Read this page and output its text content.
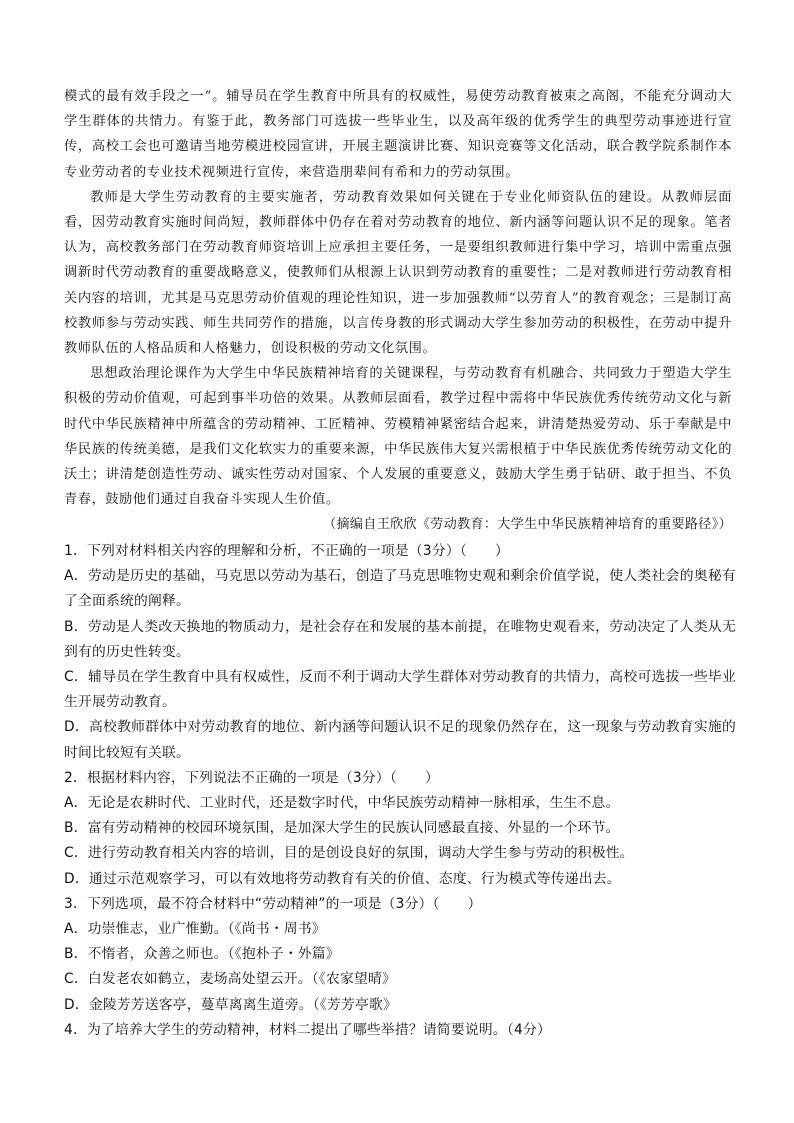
模式的最有效手段之一”。辅导员在学生教育中所具有的权威性，易使劳动教育被束之高阁，不能充分调动大学生群体的共情力。有鉴于此，教务部门可选拔一些毕业生，以及高年级的优秀学生的典型劳动事迹进行宣传，高校工会也可邀请当地劳模进校园宣讲，开展主题演讲比赛、知识竞赛等文化活动，联合教学院系制作本专业劳动者的专业技术视频进行宣传，来营造朋辈间有希和力的劳动氛围。

教师是大学生劳动教育的主要实施者，劳动教育效果如何关键在于专业化师资队伍的建设。从教师层面看，因劳动教育实施时间尚短，教师群体中仍存在着对劳动教育的地位、新内涵等问题认识不足的现象。笔者认为，高校教务部门在劳动教育师资培训上应承担主要任务，一是要组织教师进行集中学习，培训中需重点强调新时代劳动教育的重要战略意义，使教师们从根源上认识到劳动教育的重要性；二是对教师进行劳动教育相关内容的培训，尤其是马克思劳动价值观的理论性知识，进一步加强教师“以劳育人”的教育观念；三是制订高校教师参与劳动实践、师生共同劳作的措施，以言传身教的形式调动大学生参加劳动的积极性，在劳动中提升教师队伍的人格品质和人格魅力，创设积极的劳动文化氛围。

思想政治理论课作为大学生中华民族精神培育的关键课程，与劳动教育有机融合、共同致力于塑造大学生积极的劳动价值观，可起到事半功倍的效果。从教师层面看，教学过程中需将中华民族优秀传统劳动文化与新时代中华民族精神中所蕴含的劳动精神、工匠精神、劳模精神紧密结合起来，讲清楚热爱劳动、乐于奉献是中华民族的传统美德，是我们文化软实力的重要来源，中华民族伟大复兴需根植于中华民族优秀传统劳动文化的沃土；讲清楚创造性劳动、诚实性劳动对国家、个人发展的重要意义，鼓励大学生勇于钻研、敢于担当、不负青春，鼓励他们通过自我奋斗实现人生价值。

（摘编自王欣欣《劳动教育：大学生中华民族精神培育的重要路径》）

1．下列对材料相关内容的理解和分析，不正确的一项是（3分）（　　）
A．劳动是历史的基础，马克思以劳动为基石，创造了马克思唯物史观和剩余价值学说，使人类社会的奥秘有了全面系统的阐释。
B．劳动是人类改天换地的物质动力，是社会存在和发展的基本前提，在唯物史观看来，劳动决定了人类从无到有的历史性转变。
C．辅导员在学生教育中具有权威性，反而不利于调动大学生群体对劳动教育的共情力，高校可选拔一些毕业生开展劳动教育。
D．高校教师群体中对劳动教育的地位、新内涵等问题认识不足的现象仍然存在，这一现象与劳动教育实施的时间比较短有关联。
2．根据材料内容，下列说法不正确的一项是（3分）（　　）
A．无论是农耕时代、工业时代，还是数字时代，中华民族劳动精神一脉相承，生生不息。
B．富有劳动精神的校园环境氛围，是加深大学生的民族认同感最直接、外显的一个环节。
C．进行劳动教育相关内容的培训，目的是创设良好的氛围，调动大学生参与劳动的积极性。
D．通过示范观察学习，可以有效地将劳动教育有关的价值、态度、行为模式等传递出去。
3．下列选项，最不符合材料中“劳动精神”的一项是（3分）（　　）
A．功崇惟志，业广惟勤。（《尚书・周书》
B．不惰者，众善之师也。（《抱朴子・外篇》
C．白发老农如鹤立，麦场高处望云开。（《农家望晴》
D．金陵芳芳送客亭，蔓草离离生道旁。（《芳芳亭歌》
4．为了培养大学生的劳动精神，材料二提出了哪些举措？请简要说明。（4分）
